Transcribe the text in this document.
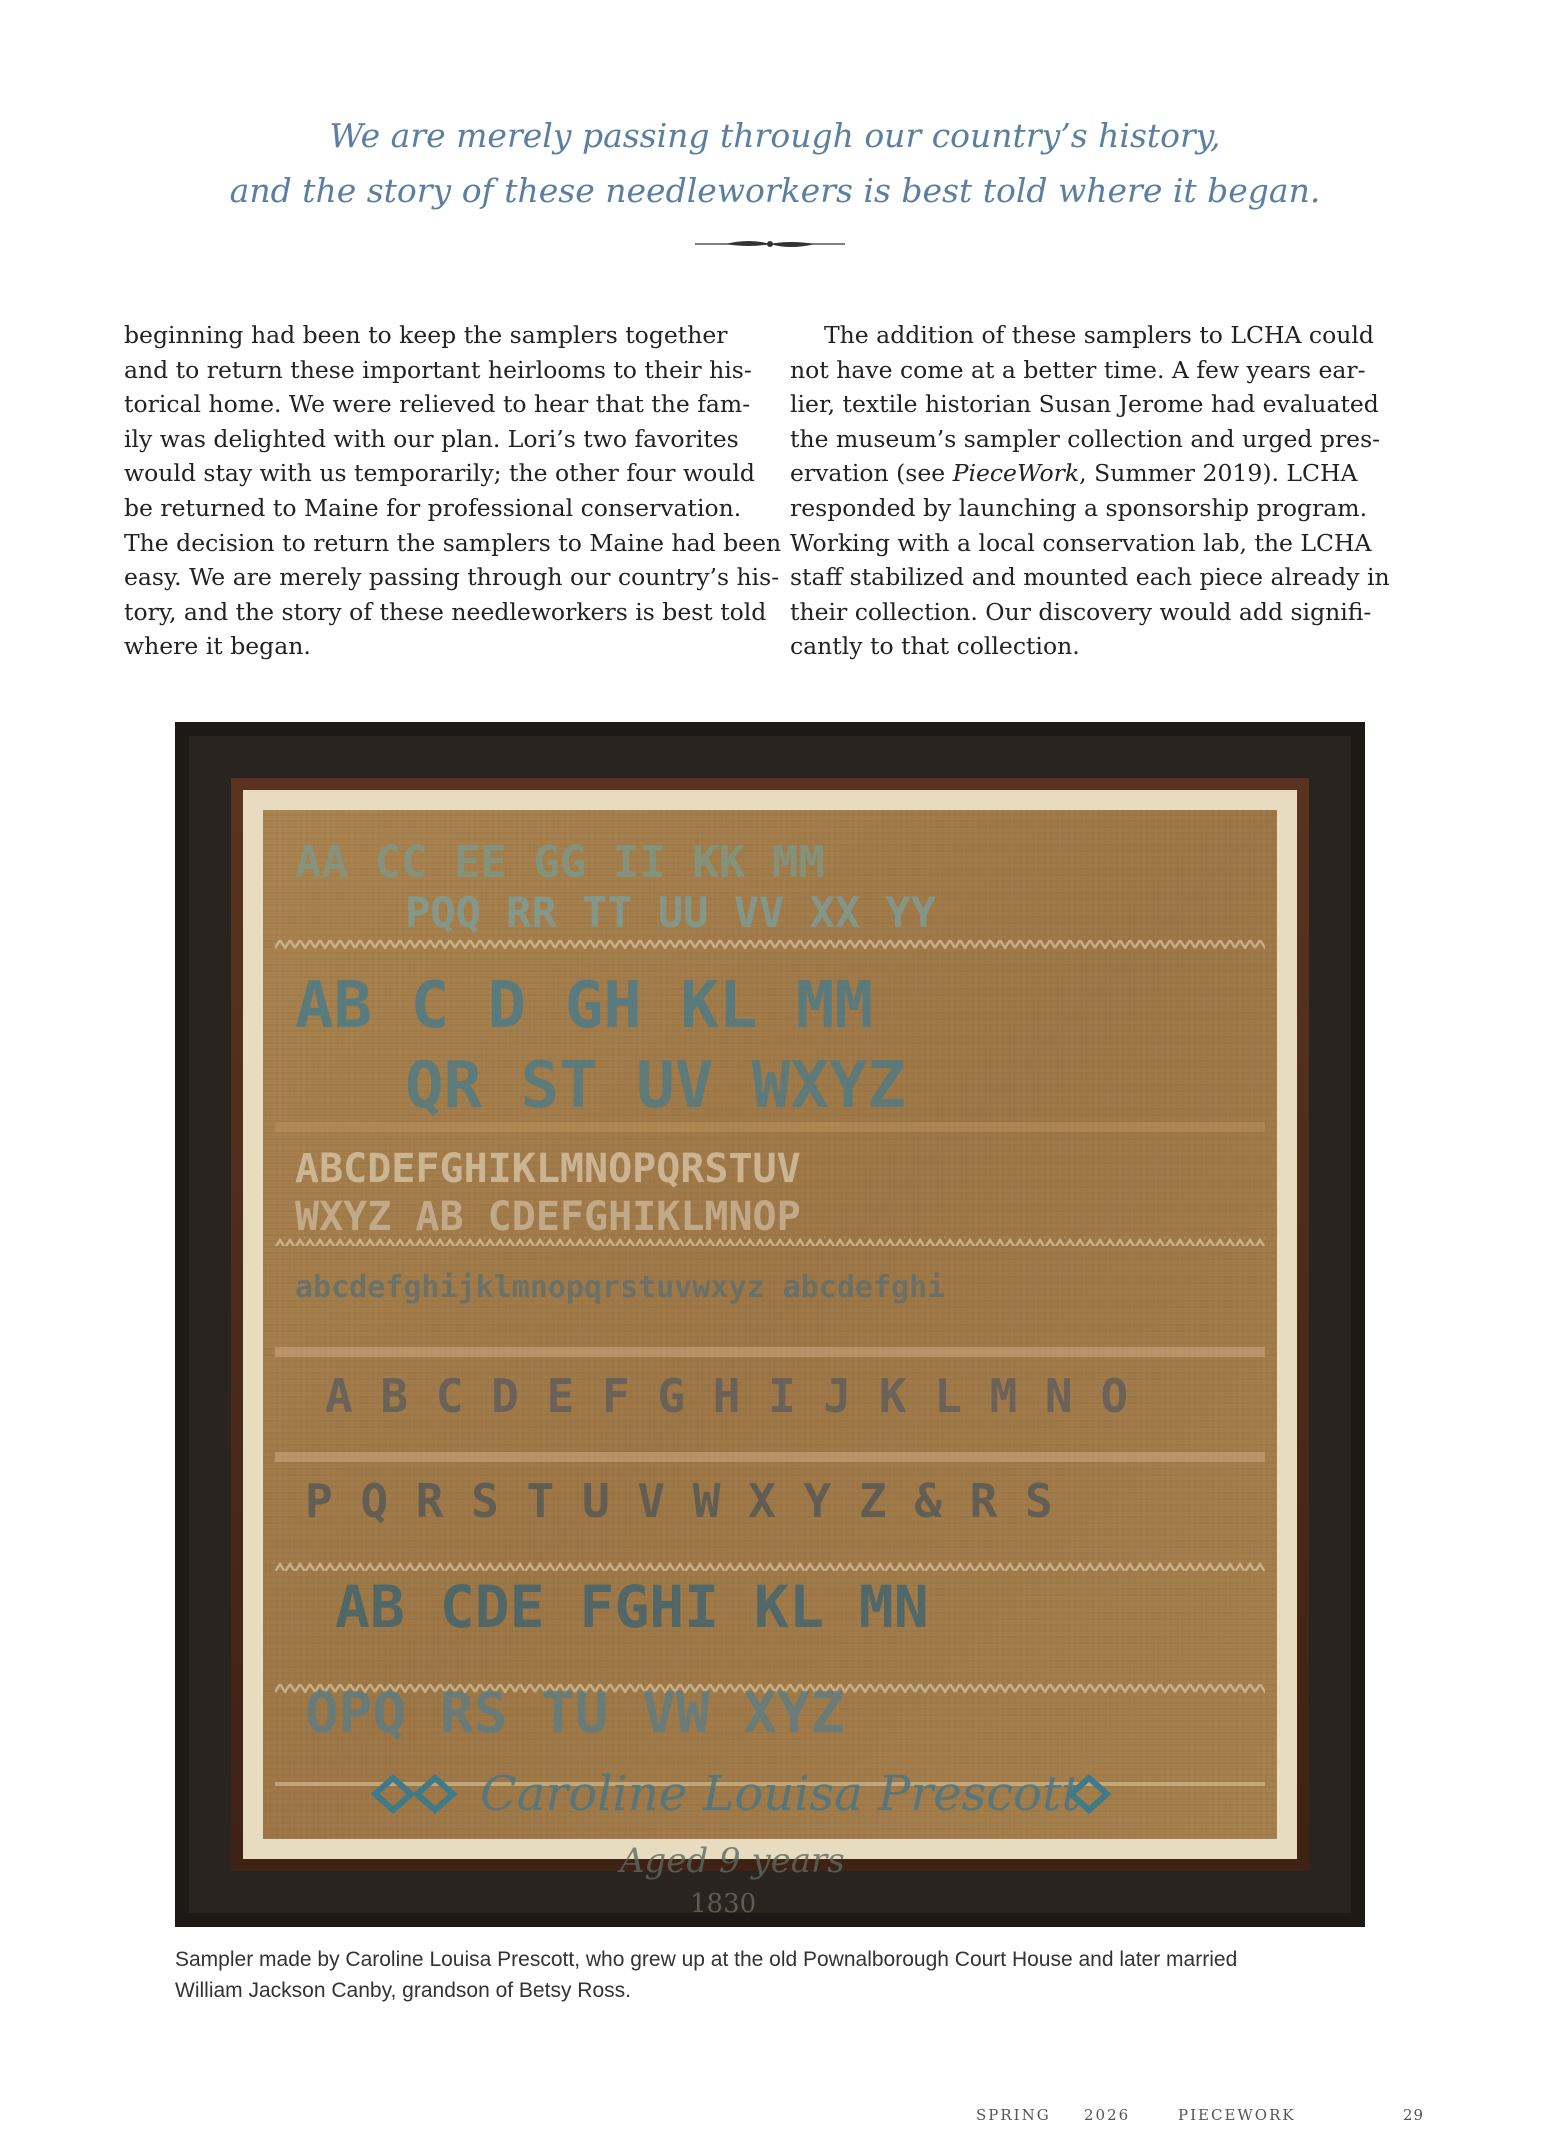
We are merely passing through our country’s history,
and the story of these needleworkers is best told where it began.
beginning had been to keep the samplers together
and to return these important heirlooms to their his-
torical home. We were relieved to hear that the fam-
ily was delighted with our plan. Lori’s two favorites
would stay with us temporarily; the other four would
be returned to Maine for professional conservation.
The decision to return the samplers to Maine had been
easy. We are merely passing through our country’s his-
tory, and the story of these needleworkers is best told
where it began.
The addition of these samplers to LCHA could
not have come at a better time. A few years ear-
lier, textile historian Susan Jerome had evaluated
the museum’s sampler collection and urged pres-
ervation (see PieceWork, Summer 2019). LCHA
responded by launching a sponsorship program.
Working with a local conservation lab, the LCHA
staff stabilized and mounted each piece already in
their collection. Our discovery would add signifi-
cantly to that collection.
AA CC EE GG II KK MM
PQQ RR TT UU VV XX YY
AB C D GH KL MM
QR ST UV WXYZ
ABCDEFGHIKLMNOPQRSTUV
WXYZ AB CDEFGHIKLMNOP
abcdefghijklmnopqrstuvwxyz abcdefghi
A B C D E F G H I J K L M N O
P Q R S T U V W X Y Z & R S
AB CDE FGHI KL MN
OPQ RS TU VW XYZ
Caroline Louisa Prescott
Aged 9 years
1830
Sampler made by Caroline Louisa Prescott, who grew up at the old Pownalborough Court House and later married
William Jackson Canby, grandson of Betsy Ross.
SPRING 2026	PIECEWORK	29
